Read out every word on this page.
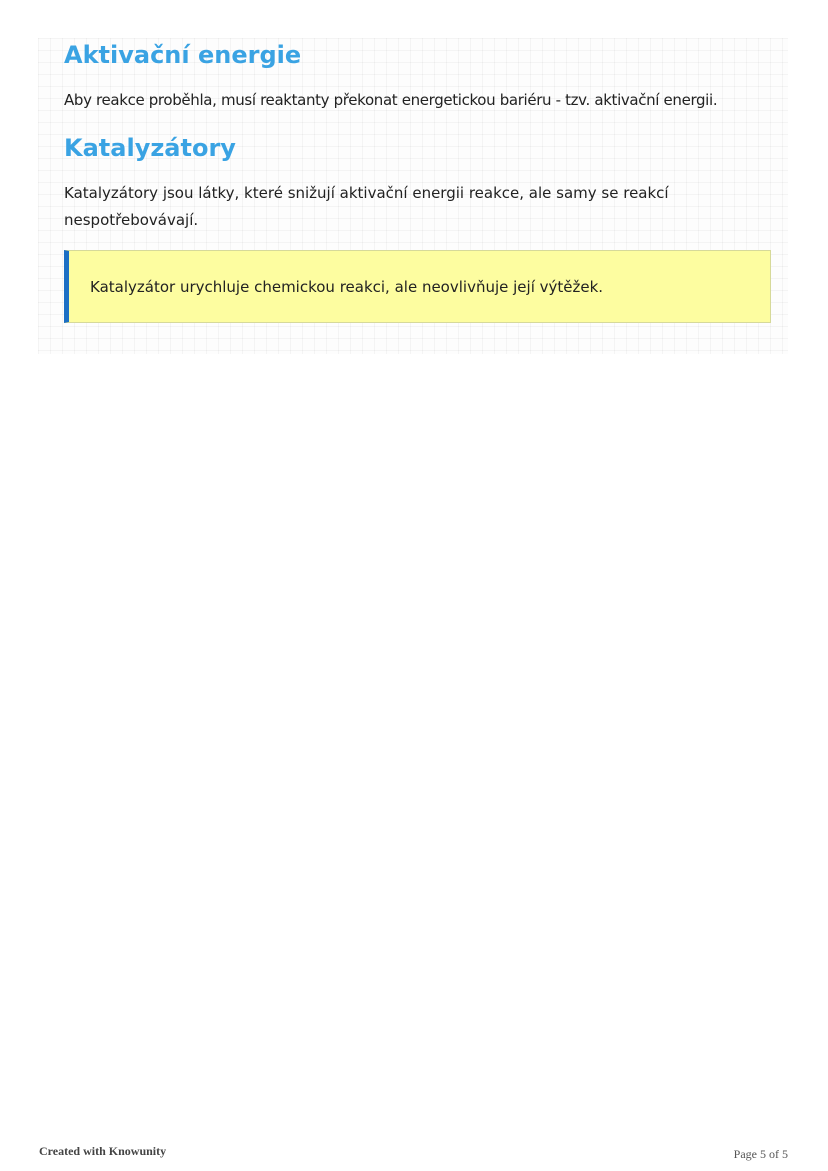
Aktivační energie

Aby reakce proběhla, musí reaktanty překonat energetickou bariéru - tzv. aktivační energii.

Katalyzátory

Katalyzátory jsou látky, které snižují aktivační energii reakce, ale samy se reakcí nespotřebovávají.

Katalyzátor urychluje chemickou reakci, ale neovlivňuje její výtěžek.

Created with Knowunity	Page 5 of 5
